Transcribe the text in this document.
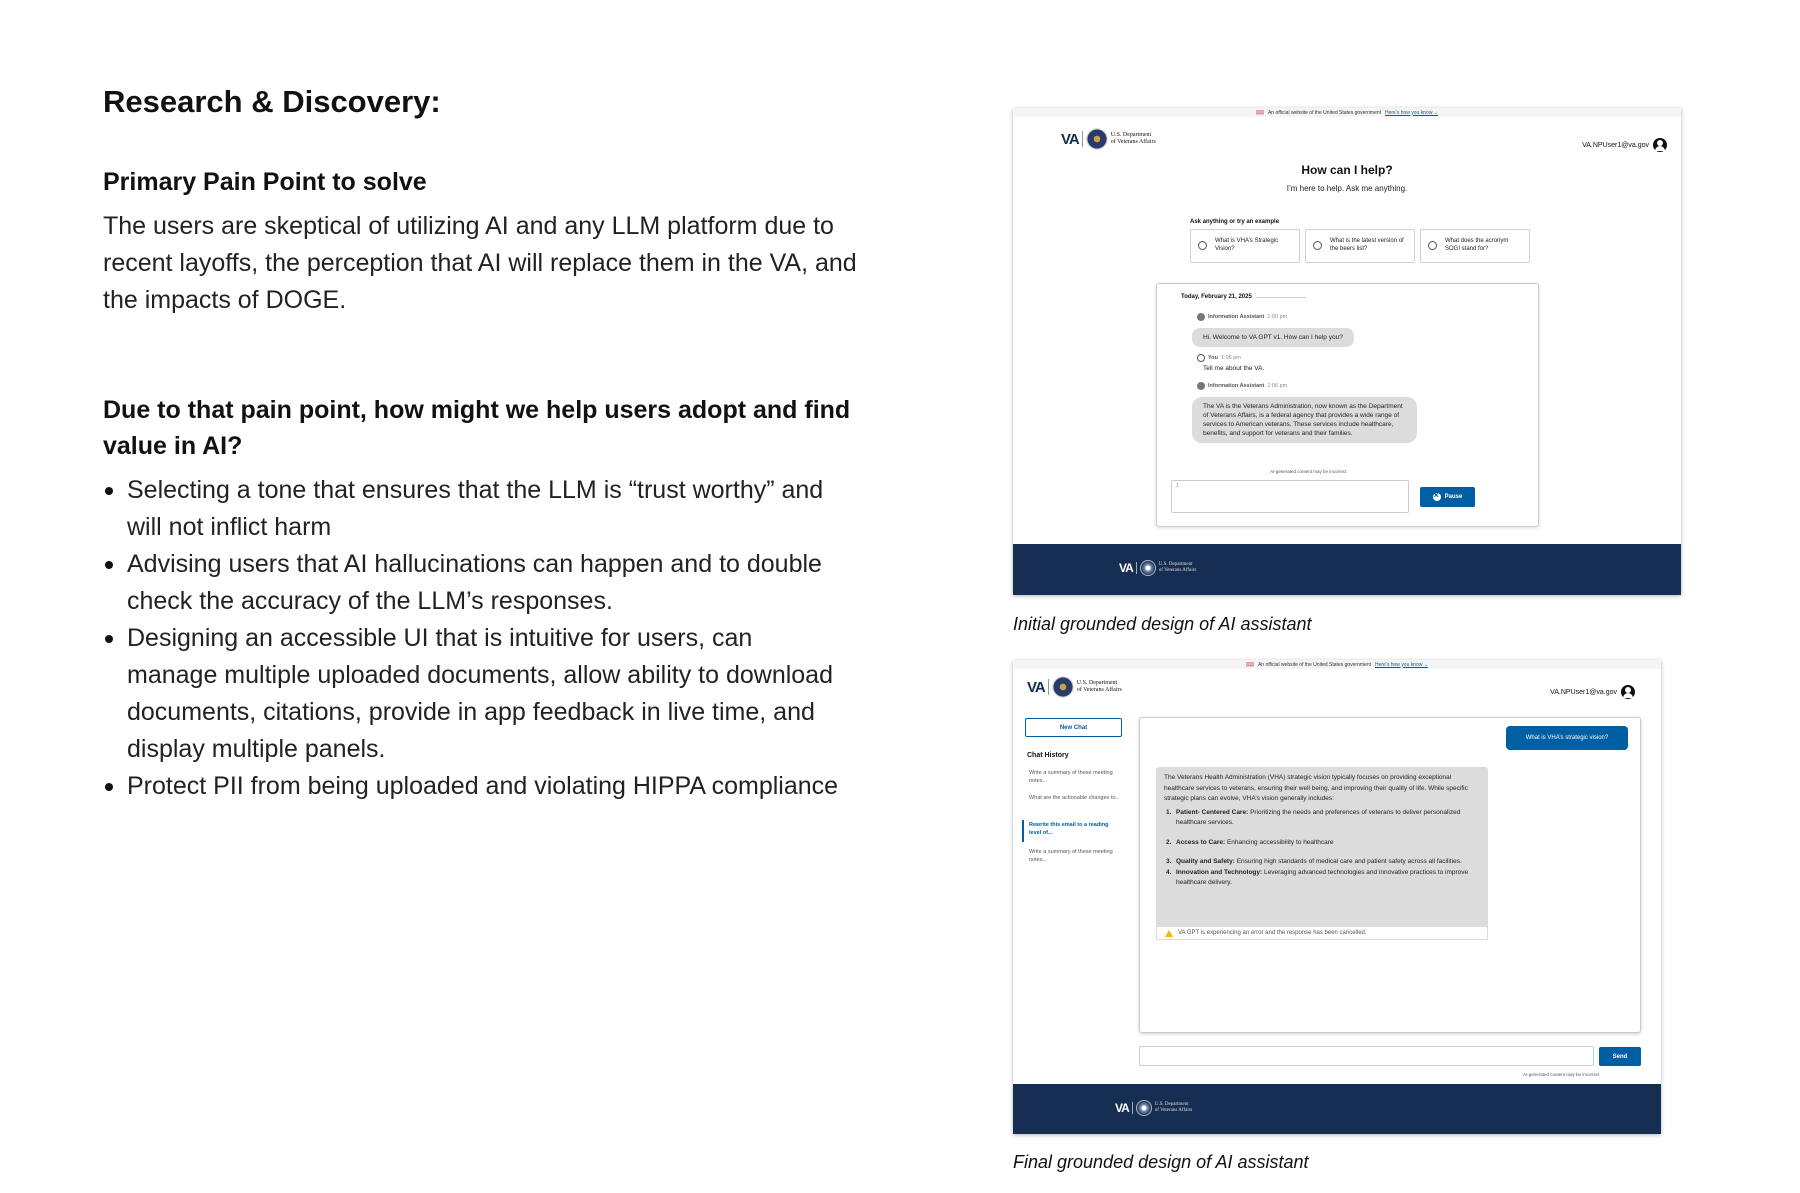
Research & Discovery:
Primary Pain Point to solve

The users are skeptical of utilizing AI and any LLM platform due to recent layoffs, the perception that AI will replace them in the VA, and the impacts of DOGE.

Due to that pain point, how might we help users adopt and find value in AI?
Selecting a tone that ensures that the LLM is “trust worthy” and will not inflict harm
Advising users that AI hallucinations can happen and to double check the accuracy of the LLM’s responses.
Designing an accessible UI that is intuitive for users, can manage multiple uploaded documents, allow ability to download documents, citations, provide in app feedback in live time, and display multiple panels.
Protect PII from being uploaded and violating HIPPA compliance
An official website of the United States government Here’s how you know ⌄
VA	U.S. Department
of Veterans Affairs	VA.NPUser1@va.gov
How can I help?
I’m here to help. Ask me anything.
Ask anything or try an example
What is VHA’s Strategic Vision?
What is the latest version of the beers list?
What does the acronym SOGI stand for?
Today, February 21, 2025
Information Assistant 1:00 pm
Hi. Welcome to VA GPT v1. How can I help you?
You 1:05 pm
Tell me about the VA.
Information Assistant 1:06 pm
The VA is the Veterans Administration, now known as the Department of Veterans Affairs, is a federal agency that provides a wide range of services to American veterans. These services include healthcare, benefits, and support for veterans and their families.
AI-generated content may be incorrect
1
×
Pause
VA	U.S. Department
of Veterans Affairs
Initial grounded design of AI assistant
An official website of the United States government Here’s how you know ⌄
VA	U.S. Department
of Veterans Affairs	VA.NPUser1@va.gov
New Chat
Chat History
Write a summary of these meeting notes...
What are the actionable changes to..
Rewrite this email to a reading level of...
Write a summary of these meeting notes...
What is VHA’s strategic vision?
The Veterans Health Administration (VHA) strategic vision typically focuses on providing exceptional healthcare services to veterans, ensuring their well being, and improving their quality of life. While specific strategic plans can evolve, VHA’s vision generally includes:
1. Patient- Centered Care: Prioritizing the needs and preferences of veterans to deliver personalized healthcare services.
2. Access to Care: Enhancing accessibility to healthcare
3. Quality and Safety: Ensuring high standards of medical care and patient safety across all facilities.
4. Innovation and Technology: Leveraging advanced technologies and innovative practices to improve healthcare delivery.
VA GPT is experiencing an error and the response has been cancelled.
Send
AI-generated content may be incorrect
VA	U.S. Department
of Veterans Affairs
Final grounded design of AI assistant
